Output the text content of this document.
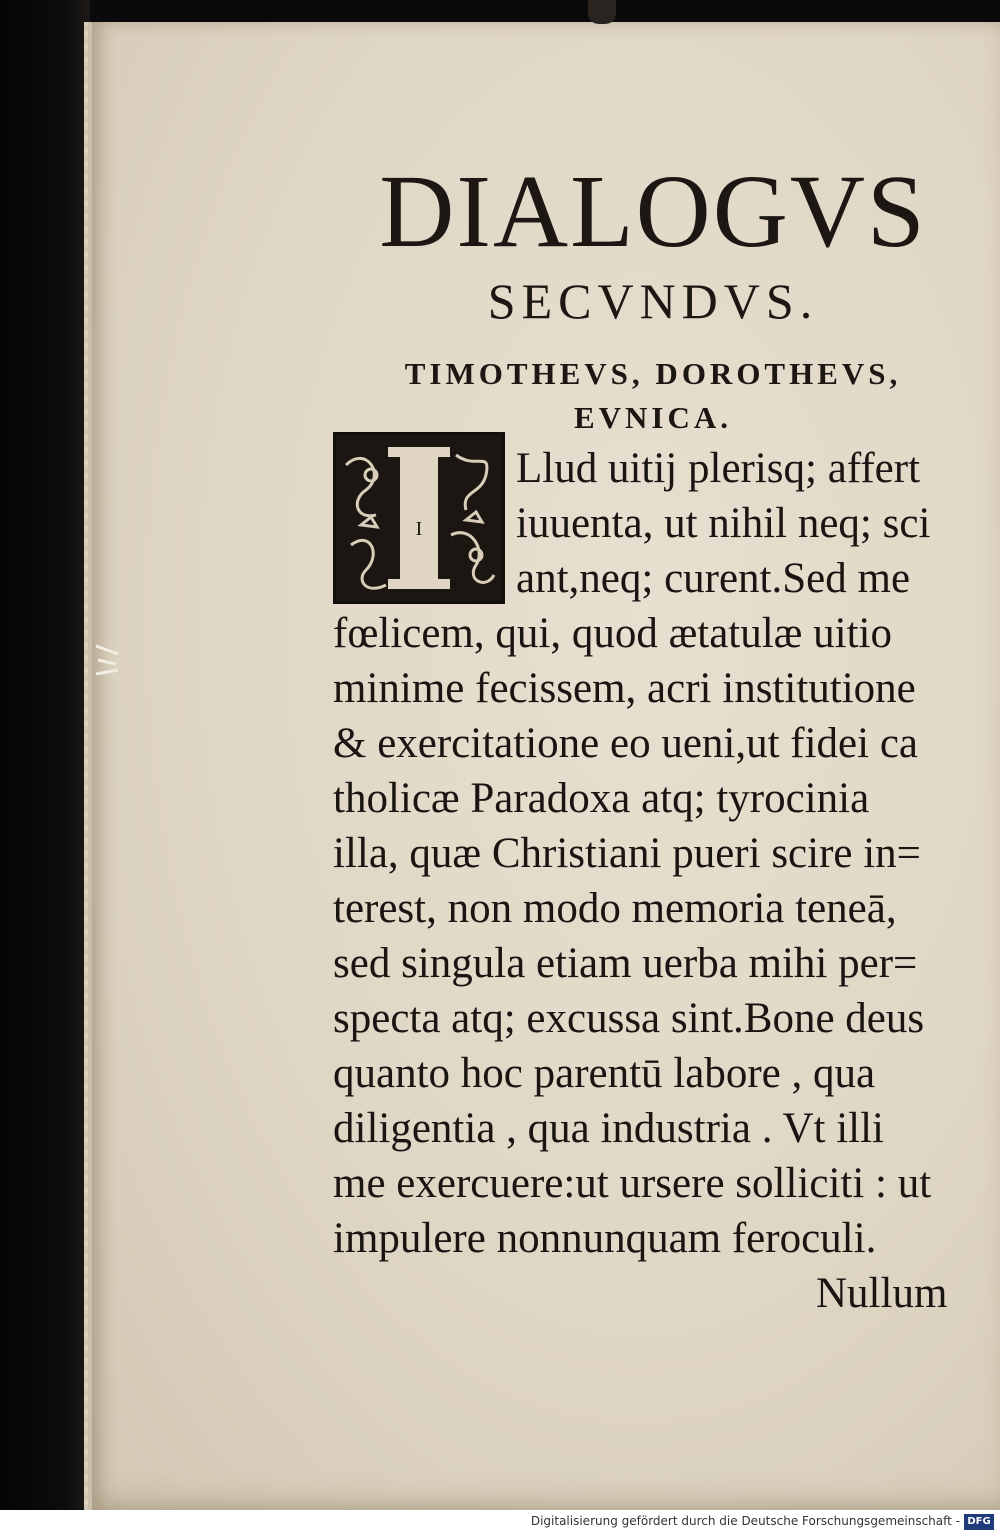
DIALOGVS
SECVNDVS.
TIMOTHEVS, DOROTHEVS,
EVNICA.
I
Llud uitij plerisq; affert
iuuenta, ut nihil neq; sci
ant,neq; curent.Sed me
fœlicem, qui, quod ætatulæ uitio
minime fecissem, acri institutione
& exercitatione eo ueni,ut fidei ca
tholicæ Paradoxa atq; tyrocinia
illa, quæ Christiani pueri scire in=
terest, non modo memoria teneā,
sed singula etiam uerba mihi per=
specta atq; excussa sint.Bone deus
quanto hoc parentū labore , qua
diligentia , qua industria . Vt illi
me exercuere:ut ursere solliciti : ut
impulere nonnunquam feroculi.
Nullum
Digitalisierung gefördert durch die Deutsche Forschungsgemeinschaft - DFG
